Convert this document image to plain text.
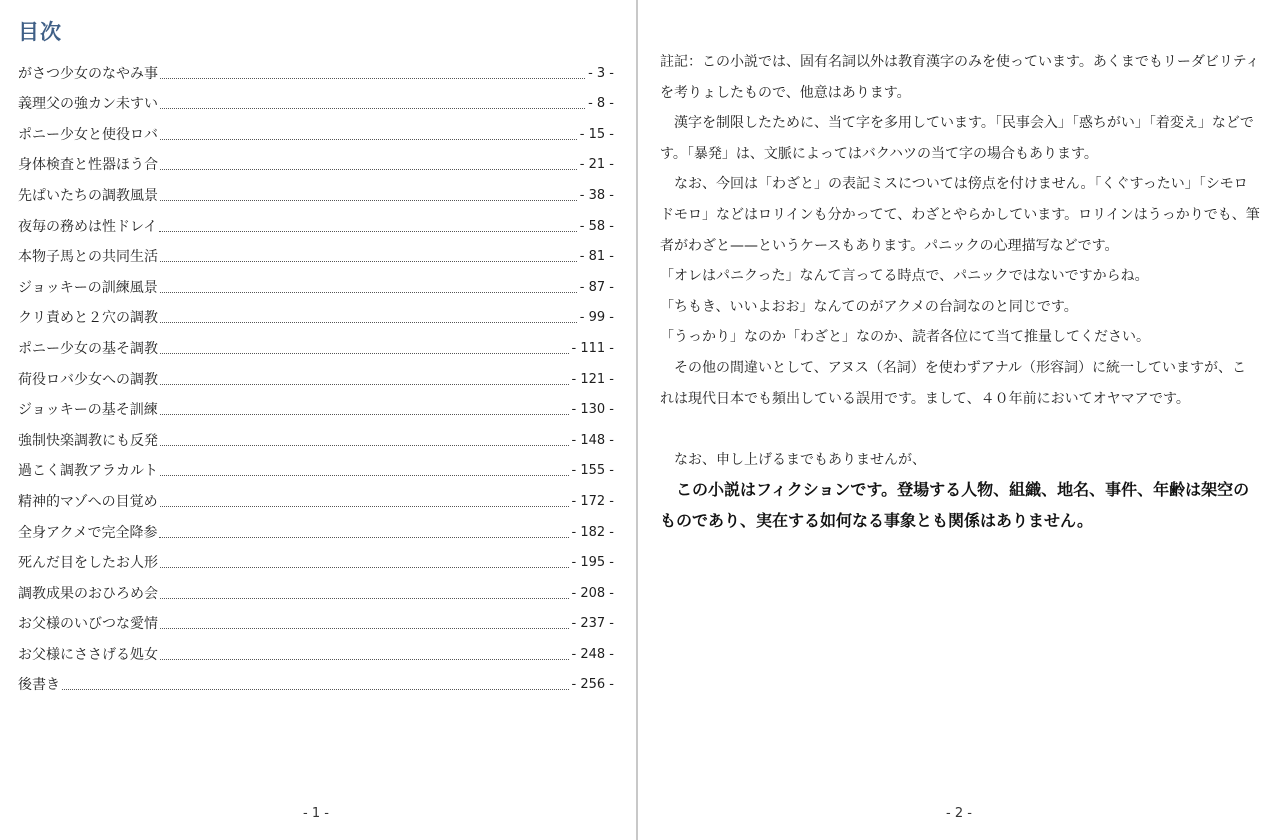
目次
がさつ少女のなやみ事	- 3 -
義理父の強カン未すい	- 8 -
ポニー少女と使役ロバ	- 15 -
身体検査と性器ほう合	- 21 -
先ぱいたちの調教風景	- 38 -
夜毎の務めは性ドレイ	- 58 -
本物子馬との共同生活	- 81 -
ジョッキーの訓練風景	- 87 -
クリ責めと２穴の調教	- 99 -
ポニー少女の基そ調教	- 111 -
荷役ロバ少女への調教	- 121 -
ジョッキーの基そ訓練	- 130 -
強制快楽調教にも反発	- 148 -
過こく調教アラカルト	- 155 -
精神的マゾへの目覚め	- 172 -
全身アクメで完全降参	- 182 -
死んだ目をしたお人形	- 195 -
調教成果のおひろめ会	- 208 -
お父様のいびつな愛情	- 237 -
お父様にささげる処女	- 248 -
後書き	- 256 -
- 1 -

註記：この小説では、固有名詞以外は教育漢字のみを使っています。あくまでもリーダビリティを考りょしたもので、他意はあります。

　漢字を制限したために、当て字を多用しています。「民事会入」「惑ちがい」「着変え」などです。「暴発」は、文脈によってはバクハツの当て字の場合もあります。

　なお、今回は「わざと」の表記ミスについては傍点を付けません。「くぐすったい」「シモロドモロ」などはロリインも分かってて、わざとやらかしています。ロリインはうっかりでも、筆者がわざと——というケースもあります。パニックの心理描写などです。

「オレはパニクった」なんて言ってる時点で、パニックではないですからね。

「ちもき、いいよおお」なんてのがアクメの台詞なのと同じです。

「うっかり」なのか「わざと」なのか、読者各位にて当て推量してください。

　その他の間違いとして、アヌス（名詞）を使わずアナル（形容詞）に統一していますが、これは現代日本でも頻出している誤用です。まして、４０年前においてオヤマアです。

　なお、申し上げるまでもありませんが、

この小説はフィクションです。登場する人物、組織、地名、事件、年齢は架空のものであり、実在する如何なる事象とも関係はありません。

- 2 -
